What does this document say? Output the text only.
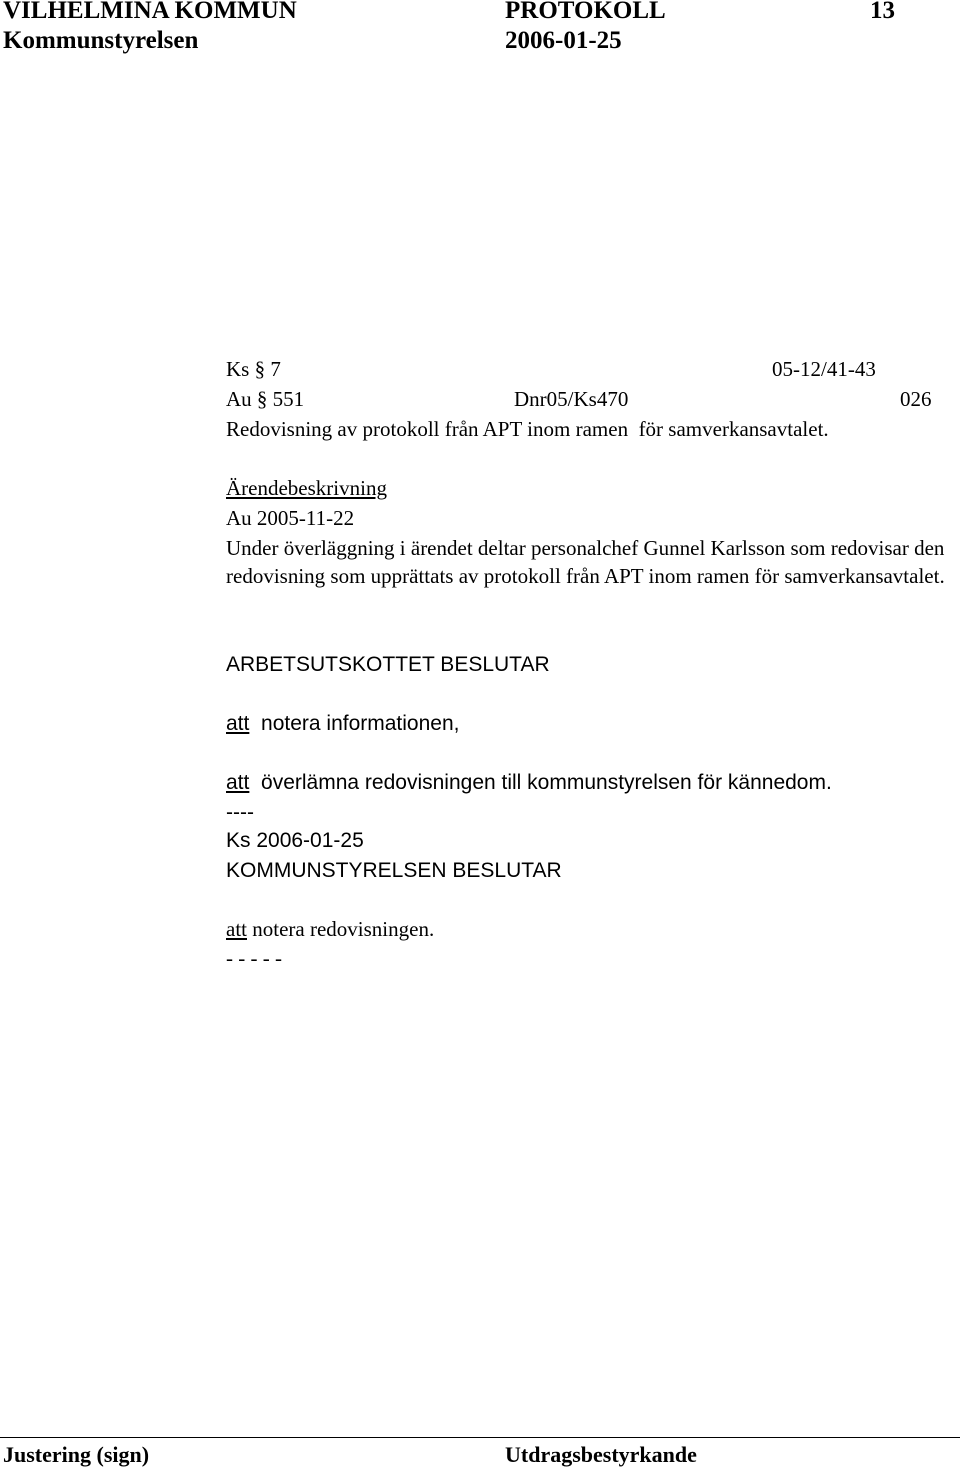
VILHELMINA KOMMUN	PROTOKOLL	13
Kommunstyrelsen	2006-01-25
Ks § 7	05-12/41-43
Au § 551	Dnr05/Ks470	026
Redovisning av protokoll från APT inom ramen  för samverkansavtalet.
Ärendebeskrivning
Au 2005-11-22
Under överläggning i ärendet deltar personalchef Gunnel Karlsson som redovisar den redovisning som upprättats av protokoll från APT inom ramen för samverkansavtalet.
ARBETSUTSKOTTET BESLUTAR
att notera informationen,
att överlämna redovisningen till kommunstyrelsen för kännedom.
----
Ks 2006-01-25
KOMMUNSTYRELSEN BESLUTAR
att notera redovisningen.
- - - - -
Justering (sign)	Utdragsbestyrkande
